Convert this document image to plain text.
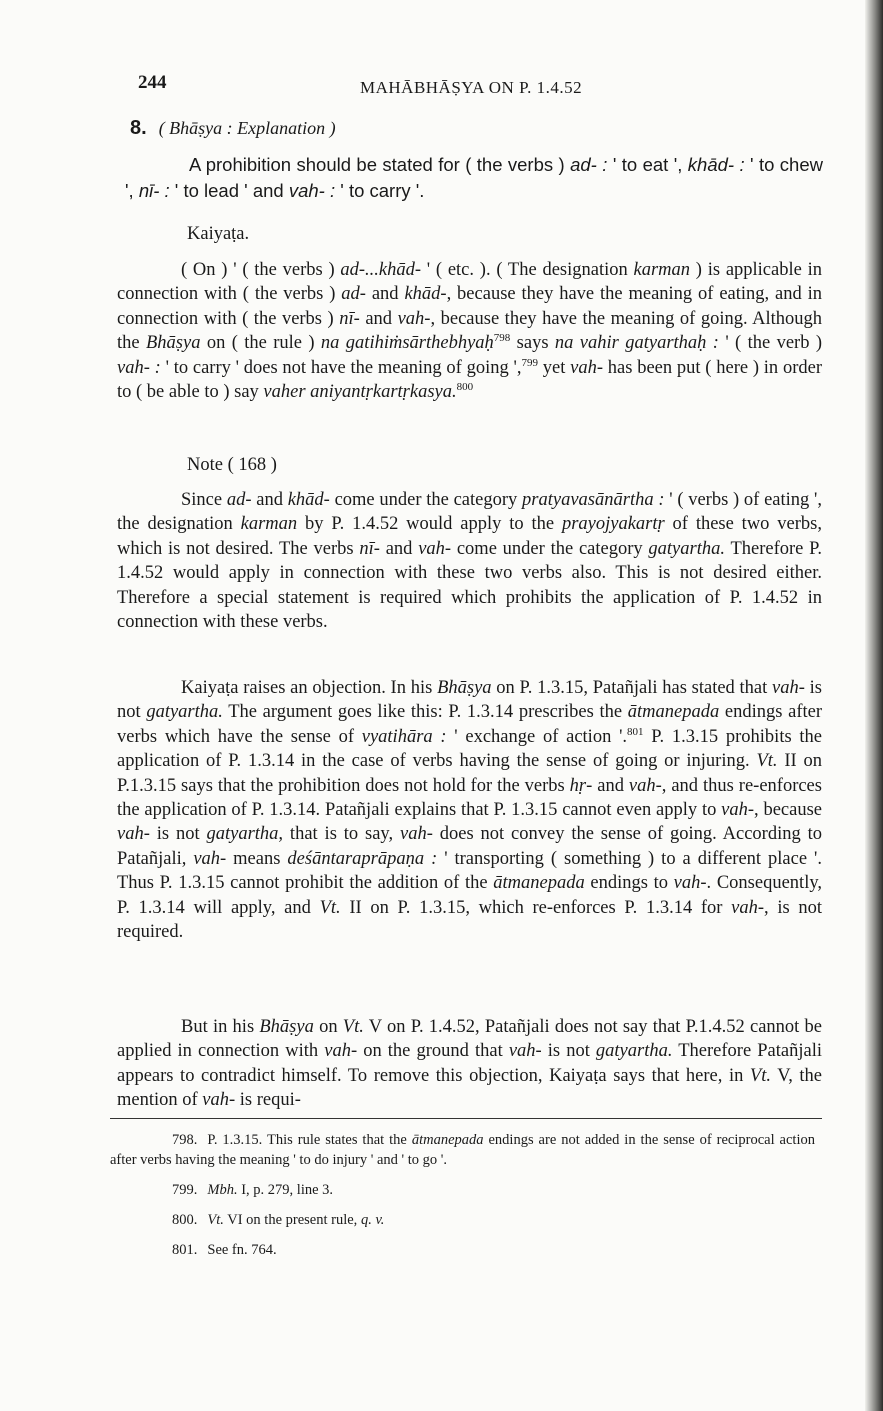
244	MAHĀBHĀṢYA ON P. 1.4.52
8. ( Bhāṣya : Explanation )

A prohibition should be stated for ( the verbs ) ad- : ' to eat ', khād- : ' to chew ', nī- : ' to lead ' and vah- : ' to carry '.

Kaiyaṭa.

( On ) ' ( the verbs ) ad-...khād- ' ( etc. ). ( The designation karman ) is applicable in connection with ( the verbs ) ad- and khād-, because they have the meaning of eating, and in connection with ( the verbs ) nī- and vah-, because they have the meaning of going. Although the Bhāṣya on ( the rule ) na gatihiṁsārthebhyaḥ$^{798}$ says na vahir gatyarthaḥ : ' ( the verb ) vah- : ' to carry ' does not have the meaning of going ',$^{799}$ yet vah- has been put ( here ) in order to ( be able to ) say vaher aniyantṛkartṛkasya.$^{800}$

Note ( 168 )

Since ad- and khād- come under the category pratyavasānārtha : ' ( verbs ) of eating ', the designation karman by P. 1.4.52 would apply to the prayojyakartṛ of these two verbs, which is not desired. The verbs nī- and vah- come under the category gatyartha. Therefore P. 1.4.52 would apply in connection with these two verbs also. This is not desired either. Therefore a special statement is required which prohibits the application of P. 1.4.52 in connection with these verbs.

Kaiyaṭa raises an objection. In his Bhāṣya on P. 1.3.15, Patañjali has stated that vah- is not gatyartha. The argument goes like this: P. 1.3.14 prescribes the ātmanepada endings after verbs which have the sense of vyatihāra : ' exchange of action '.$^{801}$ P. 1.3.15 prohibits the application of P. 1.3.14 in the case of verbs having the sense of going or injuring. Vt. II on P.1.3.15 says that the prohibition does not hold for the verbs hṛ- and vah-, and thus re-enforces the application of P. 1.3.14. Patañjali explains that P. 1.3.15 cannot even apply to vah-, because vah- is not gatyartha, that is to say, vah- does not convey the sense of going. According to Patañjali, vah- means deśāntaraprāpaṇa : ' transporting ( something ) to a different place '. Thus P. 1.3.15 cannot prohibit the addition of the ātmanepada endings to vah-. Consequently, P. 1.3.14 will apply, and Vt. II on P. 1.3.15, which re-enforces P. 1.3.14 for vah-, is not required.

But in his Bhāṣya on Vt. V on P. 1.4.52, Patañjali does not say that P.1.4.52 cannot be applied in connection with vah- on the ground that vah- is not gatyartha. Therefore Patañjali appears to contradict himself. To remove this objection, Kaiyaṭa says that here, in Vt. V, the mention of vah- is requi-

798. P. 1.3.15. This rule states that the ātmanepada endings are not added in the sense of reciprocal action after verbs having the meaning ' to do injury ' and ' to go '.

799. Mbh. I, p. 279, line 3.

800. Vt. VI on the present rule, q. v.

801. See fn. 764.
